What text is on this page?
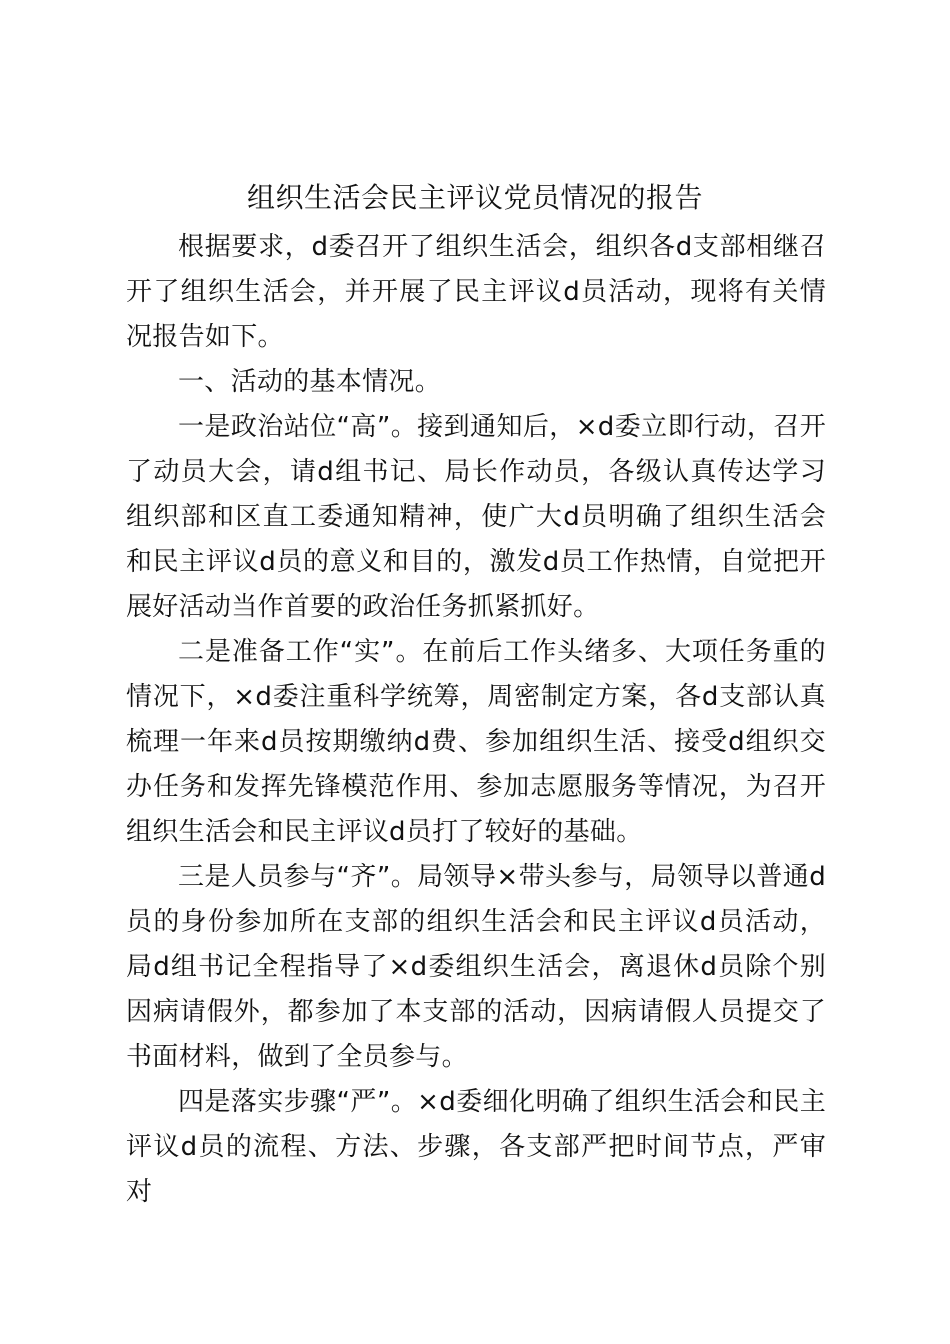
组织生活会民主评议党员情况的报告

根据要求，d委召开了组织生活会，组织各d支部相继召开了组织生活会，并开展了民主评议d员活动，现将有关情况报告如下。

一、活动的基本情况。

一是政治站位“高”。接到通知后，×d委立即行动，召开了动员大会，请d组书记、局长作动员，各级认真传达学习组织部和区直工委通知精神，使广大d员明确了组织生活会和民主评议d员的意义和目的，激发d员工作热情，自觉把开展好活动当作首要的政治任务抓紧抓好。

二是准备工作“实”。在前后工作头绪多、大项任务重的情况下，×d委注重科学统筹，周密制定方案，各d支部认真梳理一年来d员按期缴纳d费、参加组织生活、接受d组织交办任务和发挥先锋模范作用、参加志愿服务等情况，为召开组织生活会和民主评议d员打了较好的基础。

三是人员参与“齐”。局领导×带头参与，局领导以普通d员的身份参加所在支部的组织生活会和民主评议d员活动，局d组书记全程指导了×d委组织生活会，离退休d员除个别因病请假外，都参加了本支部的活动，因病请假人员提交了书面材料，做到了全员参与。

四是落实步骤“严”。×d委细化明确了组织生活会和民主评议d员的流程、方法、步骤，各支部严把时间节点，严审对
